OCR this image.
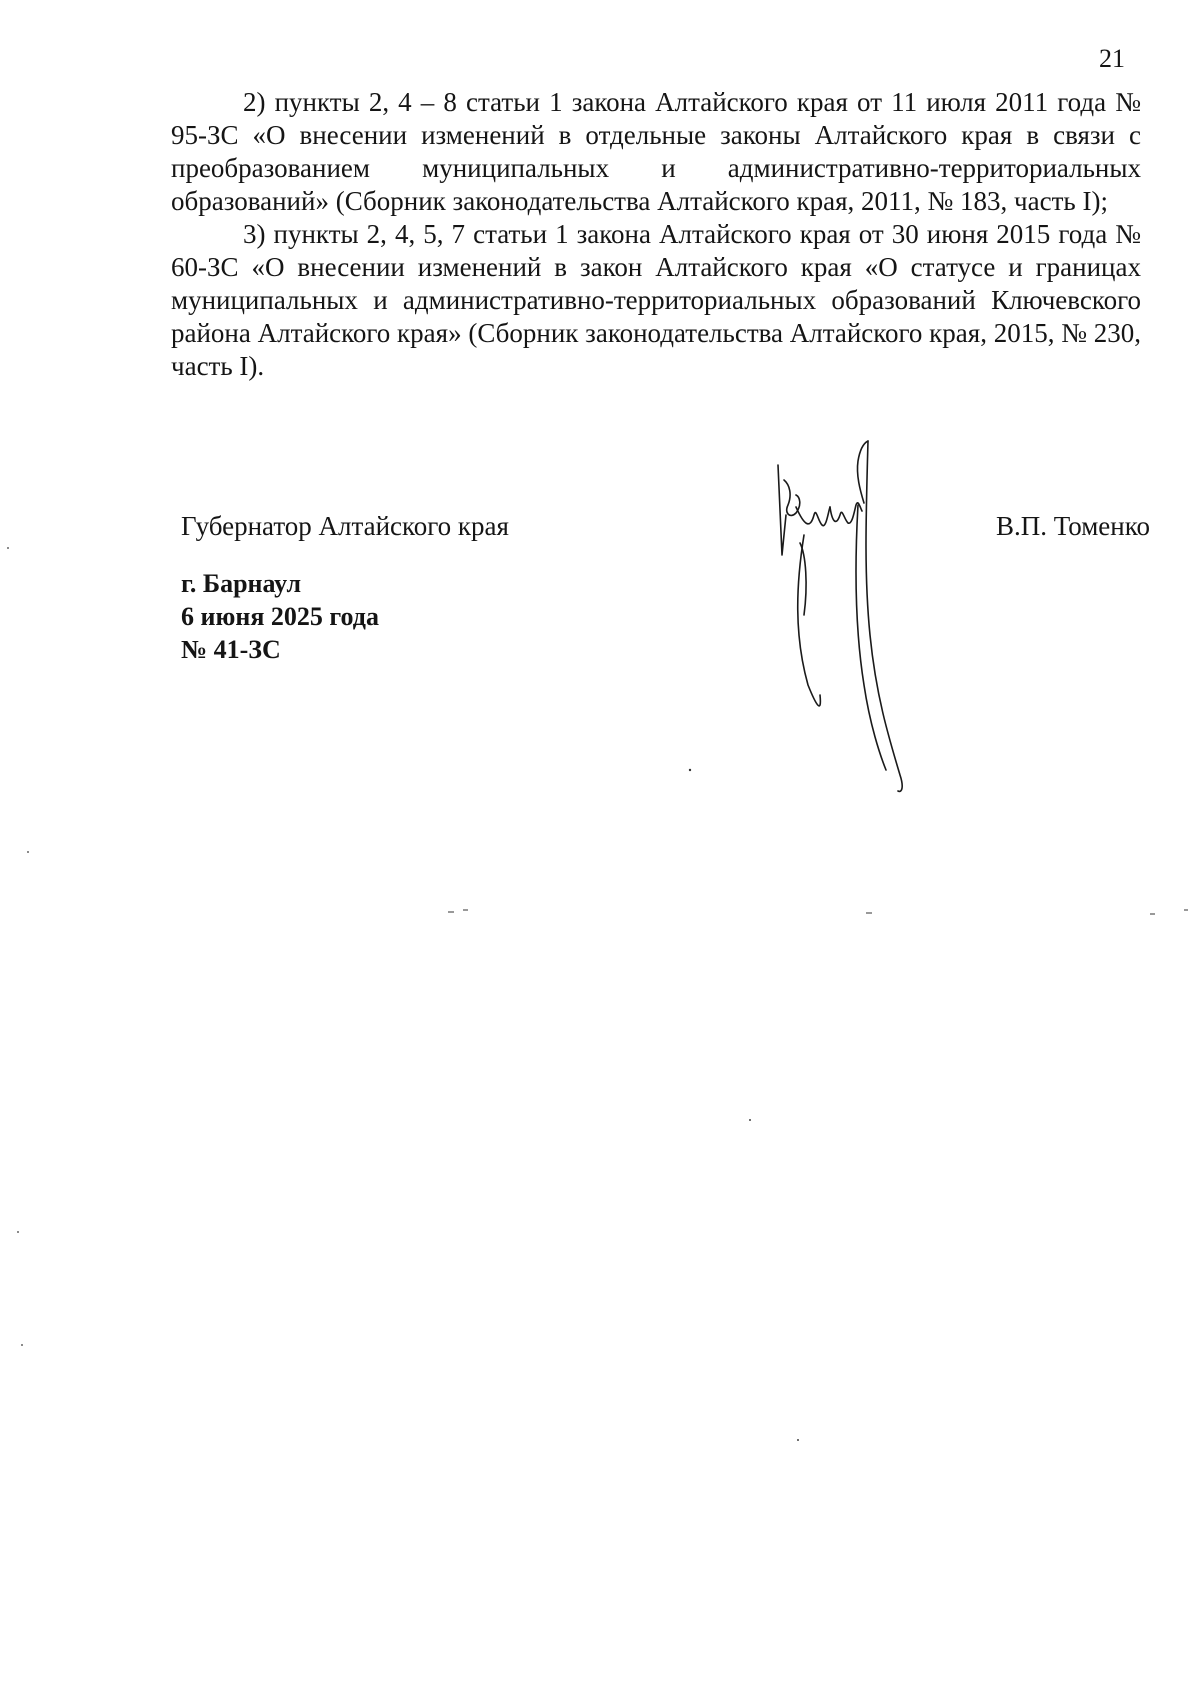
21

2) пункты 2, 4 – 8 статьи 1 закона Алтайского края от 11 июля 2011 года № 95-ЗС «О внесении изменений в отдельные законы Алтайского края в связи с преобразованием муниципальных и административно-территориальных образований» (Сборник законодательства Алтайского края, 2011, № 183, часть I);

3) пункты 2, 4, 5, 7 статьи 1 закона Алтайского края от 30 июня 2015 года № 60-ЗС «О внесении изменений в закон Алтайского края «О статусе и границах муниципальных и административно-территориальных образований Ключевского района Алтайского края» (Сборник законодательства Алтайского края, 2015, № 230, часть I).

Губернатор Алтайского края	В.П. Томенко
г. Барнаул
6 июня 2025 года
№ 41-ЗС
